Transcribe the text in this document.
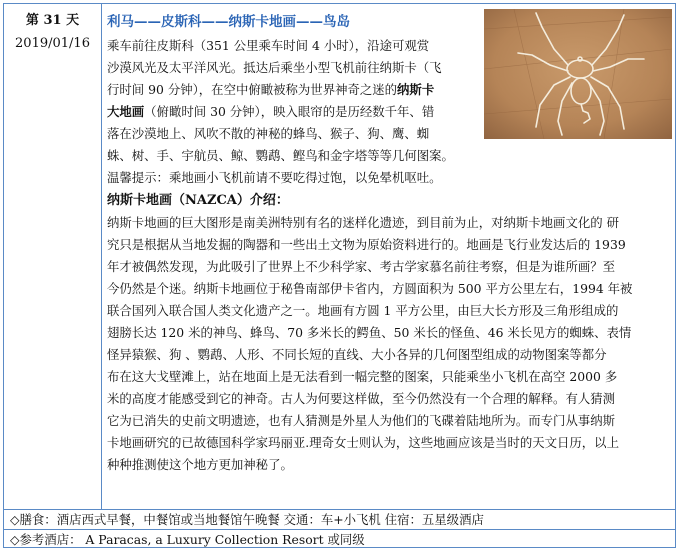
第 31 天
2019/01/16
利马——皮斯科——纳斯卡地画——鸟岛
乘车前往皮斯科（351 公里乘车时间 4 小时），沿途可观赏
沙漠风光及太平洋风光。抵达后乘坐小型飞机前往纳斯卡（飞
行时间 90 分钟），在空中俯瞰被称为世界神奇之迷的纳斯卡
大地画（俯瞰时间 30 分钟），映入眼帘的是历经数千年、错
落在沙漠地上、风吹不散的神秘的蜂鸟、猴子、狗、鹰、蜘
蛛、树、手、宇航员、鲸、鹦鹉、鲣鸟和金字塔等等几何图案。
温馨提示：乘地画小飞机前请不要吃得过饱，以免晕机呕吐。
纳斯卡地画（NAZCA）介绍：
纳斯卡地画的巨大图形是南美洲特别有名的迷样化遗迹，到目前为止，对纳斯卡地画文化的 研
究只是根据从当地发掘的陶器和一些出土文物为原始资料进行的。地画是飞行业发达后的 1939
年才被偶然发现，为此吸引了世界上不少科学家、考古学家慕名前往考察，但是为谁所画？至
今仍然是个迷。纳斯卡地画位于秘鲁南部伊卡省内，方圆面积为 500 平方公里左右，1994 年被
联合国列入联合国人类文化遗产之一。地画有方圆 1 平方公里，由巨大长方形及三角形组成的
翅膀长达 120 米的神鸟、蜂鸟、70 多米长的鳄鱼、50 米长的怪鱼、46 米长见方的蜘蛛、表情
怪异猿猴、狗 、鹦鹉、人形、不同长短的直线、大小各异的几何图型组成的动物图案等都分
布在这大戈壁滩上，站在地面上是无法看到一幅完整的图案，只能乘坐小飞机在高空 2000 多
米的高度才能感受到它的神奇。古人为何要这样做，至今仍然没有一个合理的解释。有人猜测
它为已消失的史前文明遗迹，也有人猜测是外星人为他们的飞碟着陆地所为。而专门从事纳斯
卡地画研究的已故德国科学家玛丽亚.理奇女士则认为，这些地画应该是当时的天文日历，以上
种种推测使这个地方更加神秘了。
◇膳食：酒店西式早餐，中餐馆或当地餐馆午晚餐 交通：车+小飞机 住宿：五星级酒店
◇参考酒店： A Paracas, a Luxury Collection Resort 或同级
